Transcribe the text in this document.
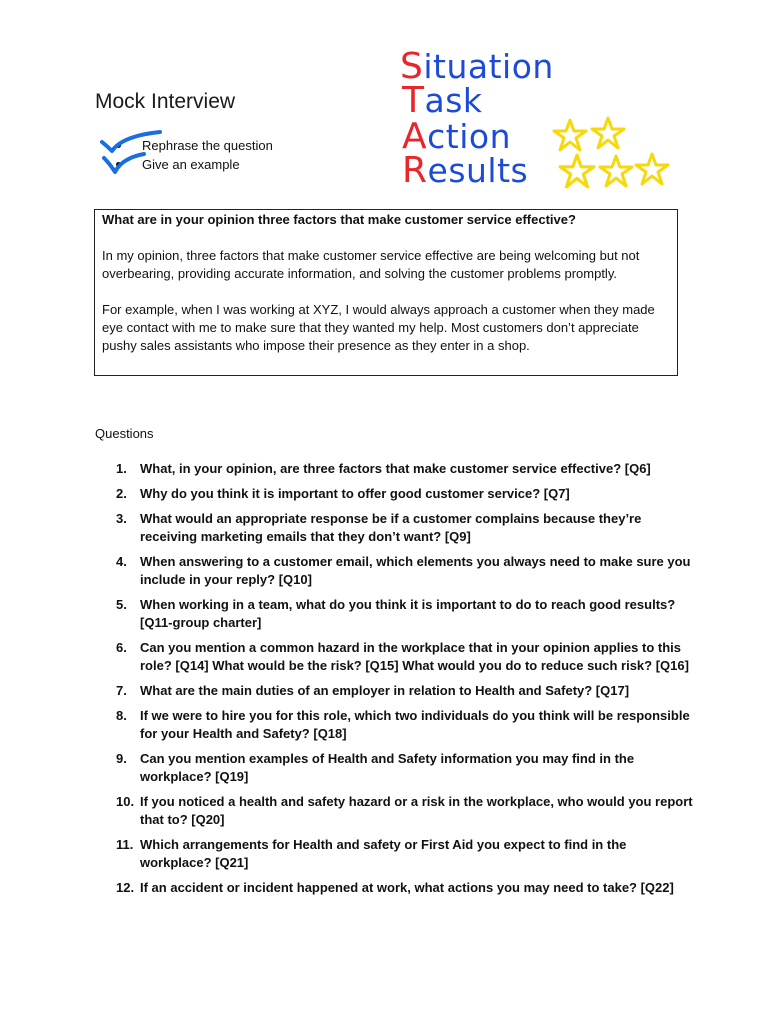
Mock Interview
Rephrase the question
Give an example
Situation
Task
Action
Results

What are in your opinion three factors that make customer service effective?

In my opinion, three factors that make customer service effective are being welcoming but not overbearing, providing accurate information, and solving the customer problems promptly.

For example, when I was working at XYZ, I would always approach a customer when they made eye contact with me to make sure that they wanted my help. Most customers don’t appreciate pushy sales assistants who impose their presence as they enter in a shop.

Questions
1. What, in your opinion, are three factors that make customer service effective? [Q6]
2. Why do you think it is important to offer good customer service? [Q7]
3. What would an appropriate response be if a customer complains because they’re receiving marketing emails that they don’t want? [Q9]
4. When answering to a customer email, which elements you always need to make sure you include in your reply? [Q10]
5. When working in a team, what do you think it is important to do to reach good results? [Q11-group charter]
6. Can you mention a common hazard in the workplace that in your opinion applies to this role? [Q14] What would be the risk? [Q15] What would you do to reduce such risk? [Q16]
7. What are the main duties of an employer in relation to Health and Safety? [Q17]
8. If we were to hire you for this role, which two individuals do you think will be responsible for your Health and Safety? [Q18]
9. Can you mention examples of Health and Safety information you may find in the workplace? [Q19]
10. If you noticed a health and safety hazard or a risk in the workplace, who would you report that to? [Q20]
11. Which arrangements for Health and safety or First Aid you expect to find in the workplace? [Q21]
12. If an accident or incident happened at work, what actions you may need to take? [Q22]
